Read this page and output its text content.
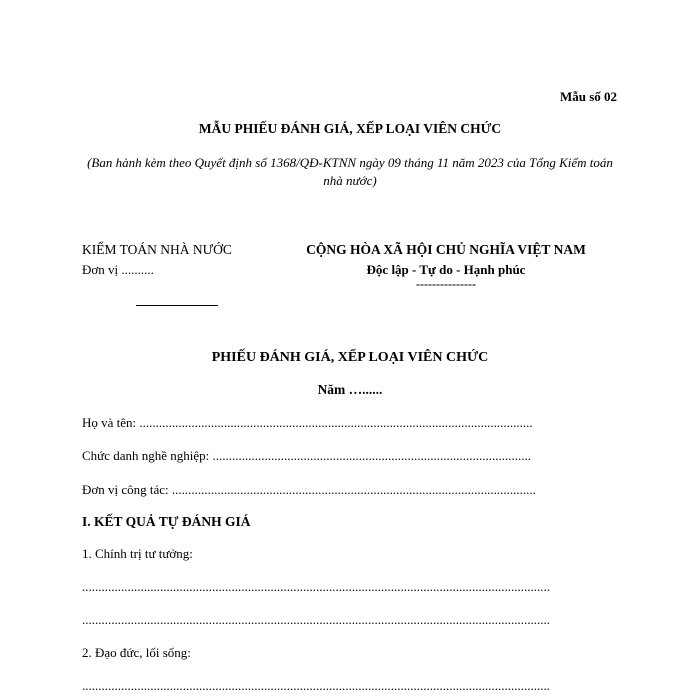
Mẫu số 02
MẪU PHIẾU ĐÁNH GIÁ, XẾP LOẠI VIÊN CHỨC
(Ban hành kèm theo Quyết định số 1368/QĐ-KTNN ngày 09 tháng 11 năm 2023 của Tổng Kiểm toán nhà nước)
KIỂM TOÁN NHÀ NƯỚC
Đơn vị ..........
CỘNG HÒA XÃ HỘI CHỦ NGHĨA VIỆT NAM
Độc lập - Tự do - Hạnh phúc
---------------
PHIẾU ĐÁNH GIÁ, XẾP LOẠI VIÊN CHỨC
Năm …......
Họ và tên: .........................................................................................................................
Chức danh nghề nghiệp: ..................................................................................................
Đơn vị công tác: ................................................................................................................
I. KẾT QUẢ TỰ ĐÁNH GIÁ
1. Chính trị tư tưởng:
................................................................................................................................................
................................................................................................................................................
2. Đạo đức, lối sống:
................................................................................................................................................
